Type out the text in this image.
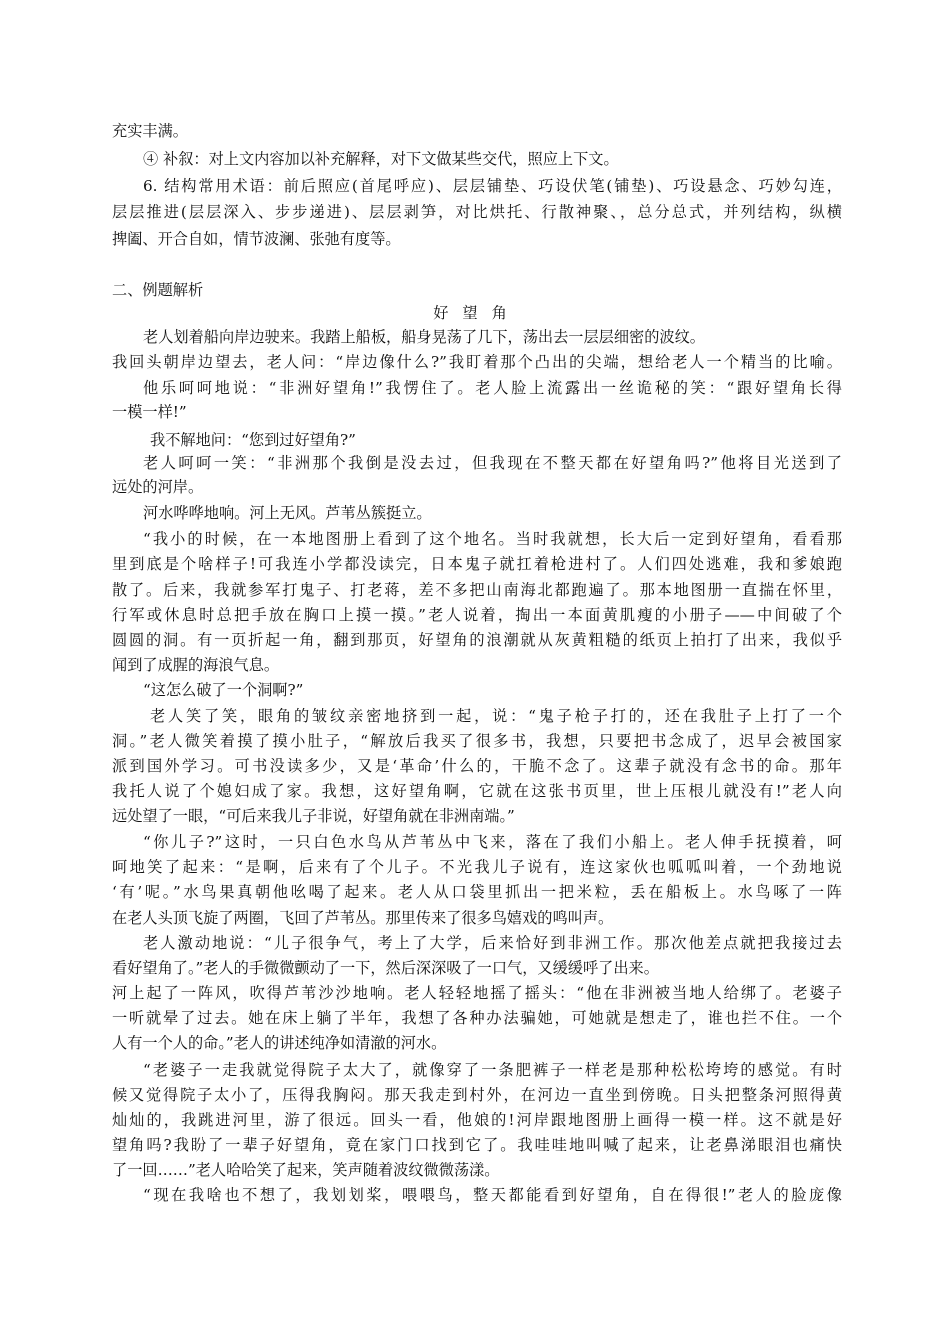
充实丰满。
④ 补叙：对上文内容加以补充解释，对下文做某些交代，照应上下文。
6. 结构常用术语：前后照应(首尾呼应)、层层铺垫、巧设伏笔(铺垫)、巧设悬念、巧妙勾连，
层层推进(层层深入、步步递进)、层层剥笋，对比烘托、行散神聚、，总分总式，并列结构，纵横
捭阖、开合自如，情节波澜、张弛有度等。
二、例题解析
好望角
老人划着船向岸边驶来。我踏上船板，船身晃荡了几下，荡出去一层层细密的波纹。
我回头朝岸边望去，老人问：“岸边像什么?”我盯着那个凸出的尖端，想给老人一个精当的比喻。
他乐呵呵地说：“非洲好望角!”我愣住了。老人脸上流露出一丝诡秘的笑：“跟好望角长得
一模一样!”
我不解地问：“您到过好望角?”
老人呵呵一笑：“非洲那个我倒是没去过，但我现在不整天都在好望角吗?”他将目光送到了
远处的河岸。
河水哗哗地响。河上无风。芦苇丛簇挺立。
“我小的时候，在一本地图册上看到了这个地名。当时我就想，长大后一定到好望角，看看那
里到底是个啥样子!可我连小学都没读完，日本鬼子就扛着枪进村了。人们四处逃难，我和爹娘跑
散了。后来，我就参军打鬼子、打老蒋，差不多把山南海北都跑遍了。那本地图册一直揣在怀里，
行军或休息时总把手放在胸口上摸一摸。”老人说着，掏出一本面黄肌瘦的小册子——中间破了个
圆圆的洞。有一页折起一角，翻到那页，好望角的浪潮就从灰黄粗糙的纸页上拍打了出来，我似乎
闻到了成腥的海浪气息。
“这怎么破了一个洞啊?”
老人笑了笑，眼角的皱纹亲密地挤到一起，说：“鬼子枪子打的，还在我肚子上打了一个
洞。”老人微笑着摸了摸小肚子，“解放后我买了很多书，我想，只要把书念成了，迟早会被国家
派到国外学习。可书没读多少，又是‘革命’什么的，干脆不念了。这辈子就没有念书的命。那年
我托人说了个媳妇成了家。我想，这好望角啊，它就在这张书页里，世上压根儿就没有!”老人向
远处望了一眼，“可后来我儿子非说，好望角就在非洲南端。”
“你儿子?”这时，一只白色水鸟从芦苇丛中飞来，落在了我们小船上。老人伸手抚摸着，呵
呵地笑了起来：“是啊，后来有了个儿子。不光我儿子说有，连这家伙也呱呱叫着，一个劲地说
‘有’呢。”水鸟果真朝他吆喝了起来。老人从口袋里抓出一把米粒，丢在船板上。水鸟啄了一阵
在老人头顶飞旋了两圈，飞回了芦苇丛。那里传来了很多鸟嬉戏的鸣叫声。
老人激动地说：“儿子很争气，考上了大学，后来恰好到非洲工作。那次他差点就把我接过去
看好望角了。”老人的手微微颤动了一下，然后深深吸了一口气，又缓缓呼了出来。
河上起了一阵风，吹得芦苇沙沙地响。老人轻轻地摇了摇头：“他在非洲被当地人给绑了。老婆子
一听就晕了过去。她在床上躺了半年，我想了各种办法骗她，可她就是想走了，谁也拦不住。一个
人有一个人的命。”老人的讲述纯净如清澈的河水。
“老婆子一走我就觉得院子太大了，就像穿了一条肥裤子一样老是那种松松垮垮的感觉。有时
候又觉得院子太小了，压得我胸闷。那天我走到村外，在河边一直坐到傍晚。日头把整条河照得黄
灿灿的，我跳进河里，游了很远。回头一看，他娘的!河岸跟地图册上画得一模一样。这不就是好
望角吗?我盼了一辈子好望角，竟在家门口找到它了。我哇哇地叫喊了起来，让老鼻涕眼泪也痛快
了一回……”老人哈哈笑了起来，笑声随着波纹微微荡漾。
“现在我啥也不想了，我划划桨，喂喂鸟，整天都能看到好望角，自在得很!”老人的脸庞像
